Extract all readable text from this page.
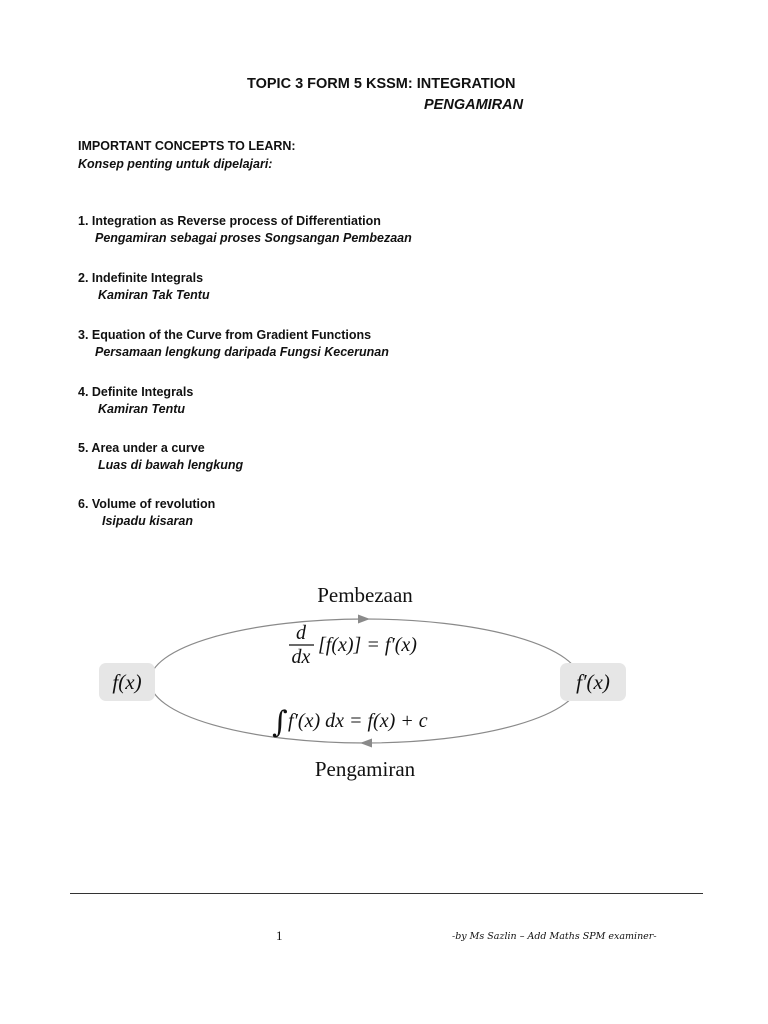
TOPIC 3 FORM 5 KSSM: INTEGRATION
PENGAMIRAN
IMPORTANT CONCEPTS TO LEARN:
Konsep penting untuk dipelajari:
1. Integration as Reverse process of Differentiation
Pengamiran sebagai proses Songsangan Pembezaan
2. Indefinite Integrals
Kamiran Tak Tentu
3. Equation of the Curve from Gradient Functions
Persamaan lengkung daripada Fungsi Kecerunan
4. Definite Integrals
Kamiran Tentu
5. Area under a curve
Luas di bawah lengkung
6. Volume of revolution
Isipadu kisaran
f(x)	f′(x)
Pembezaan
d
dx
[f(x)] = f′(x)
∫ f′(x) dx = f(x) + c
Pengamiran
1	-by Ms Sazlin – Add Maths SPM examiner-
